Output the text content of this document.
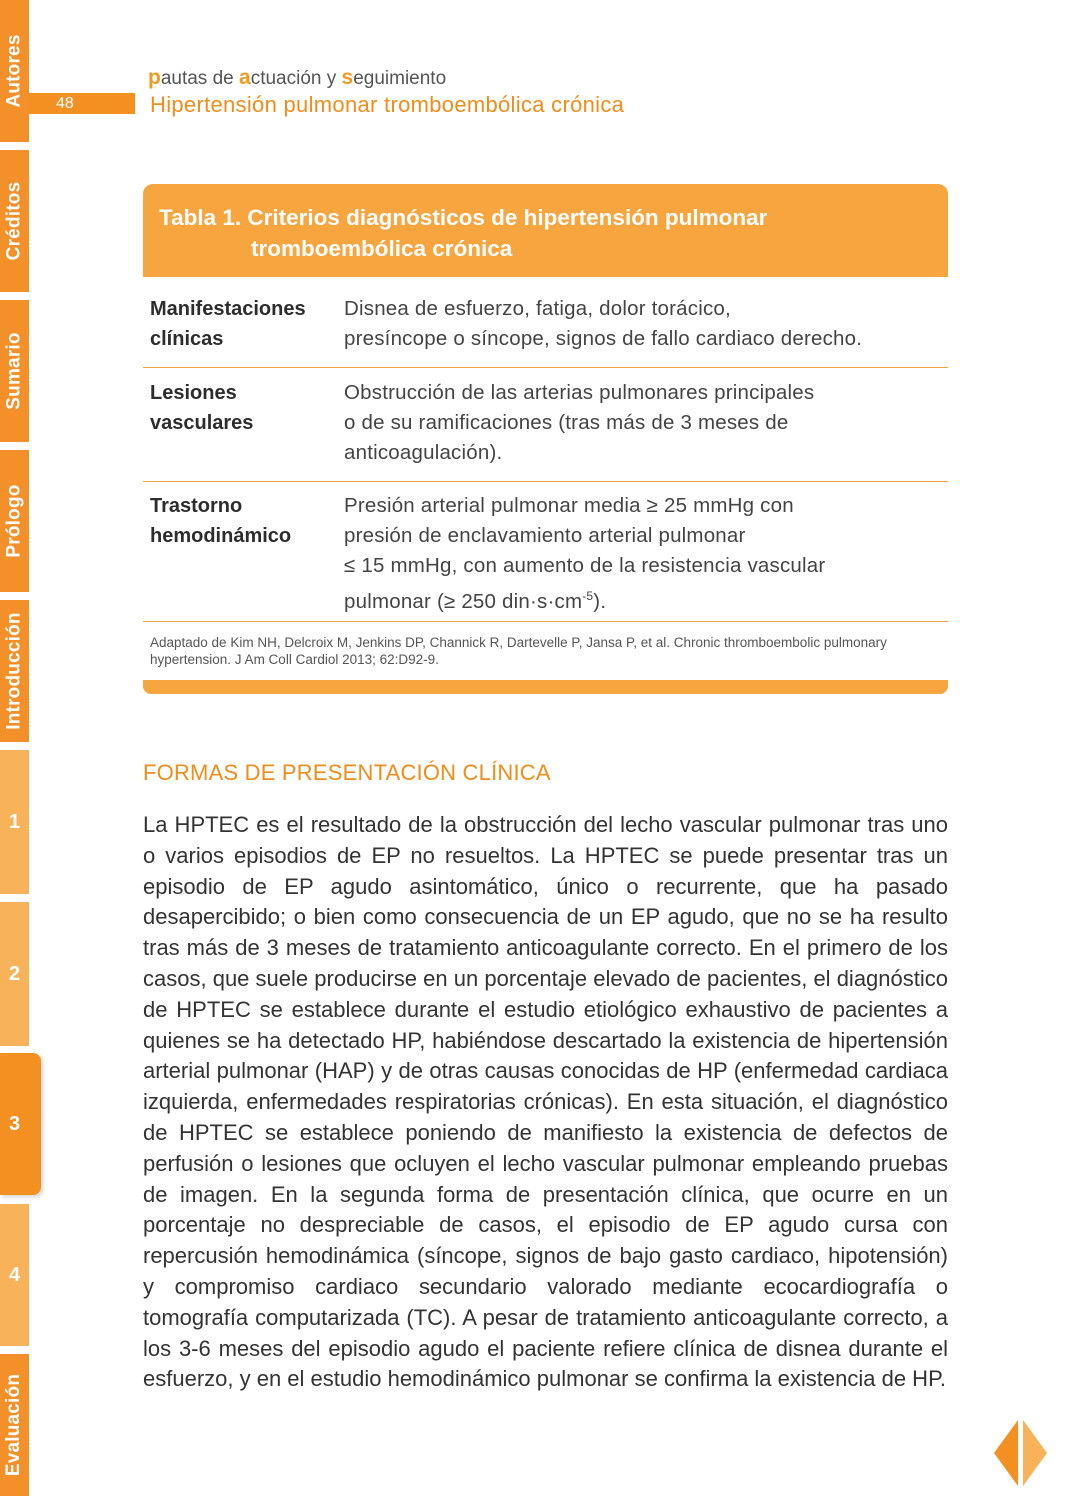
Autores
Créditos
Sumario
Prólogo
Introducción
1
2
3
4
Evaluación
48
pautas de actuación y seguimiento
Hipertensión pulmonar tromboembólica crónica
Tabla 1. Criterios diagnósticos de hipertensión pulmonar
tromboembólica crónica
Manifestaciones
clínicas
Disnea de esfuerzo, fatiga, dolor torácico,
presíncope o síncope, signos de fallo cardiaco derecho.
Lesiones
vasculares
Obstrucción de las arterias pulmonares principales
o de su ramificaciones (tras más de 3 meses de
anticoagulación).
Trastorno
hemodinámico
Presión arterial pulmonar media ≥ 25 mmHg con
presión de enclavamiento arterial pulmonar
≤ 15 mmHg, con aumento de la resistencia vascular
pulmonar (≥ 250 $din\cdot s\cdot cm^{-5}$).
Adaptado de Kim NH, Delcroix M, Jenkins DP, Channick R, Dartevelle P, Jansa P, et al. Chronic thromboembolic pulmonary hypertension. J Am Coll Cardiol 2013; 62:D92-9.
FORMAS DE PRESENTACIÓN CLÍNICA
La HPTEC es el resultado de la obstrucción del lecho vascular pulmonar tras uno o varios episodios de EP no resueltos. La HPTEC se puede presentar tras un episodio de EP agudo asintomático, único o recurrente, que ha pasado desapercibido; o bien como consecuencia de un EP agudo, que no se ha resulto tras más de 3 meses de tratamiento anticoagulante correcto. En el primero de los casos, que suele producirse en un porcentaje elevado de pacientes, el diagnóstico de HPTEC se establece durante el estudio etiológico exhaustivo de pacientes a quienes se ha detectado HP, habiéndose descartado la existencia de hipertensión arterial pulmonar (HAP) y de otras causas conocidas de HP (enfermedad cardiaca izquierda, enfermedades respiratorias crónicas). En esta situación, el diagnóstico de HPTEC se establece poniendo de manifiesto la existencia de defectos de perfusión o lesiones que ocluyen el lecho vascular pulmonar empleando pruebas de imagen. En la segunda forma de presentación clínica, que ocurre en un porcentaje no despreciable de casos, el episodio de EP agudo cursa con repercusión hemodinámica (síncope, signos de bajo gasto cardiaco, hipotensión) y compromiso cardiaco secundario valorado mediante ecocardiografía o tomografía computarizada (TC). A pesar de tratamiento anticoagulante correcto, a los 3-6 meses del episodio agudo el paciente refiere clínica de disnea durante el esfuerzo, y en el estudio hemodinámico pulmonar se confirma la existencia de HP.
